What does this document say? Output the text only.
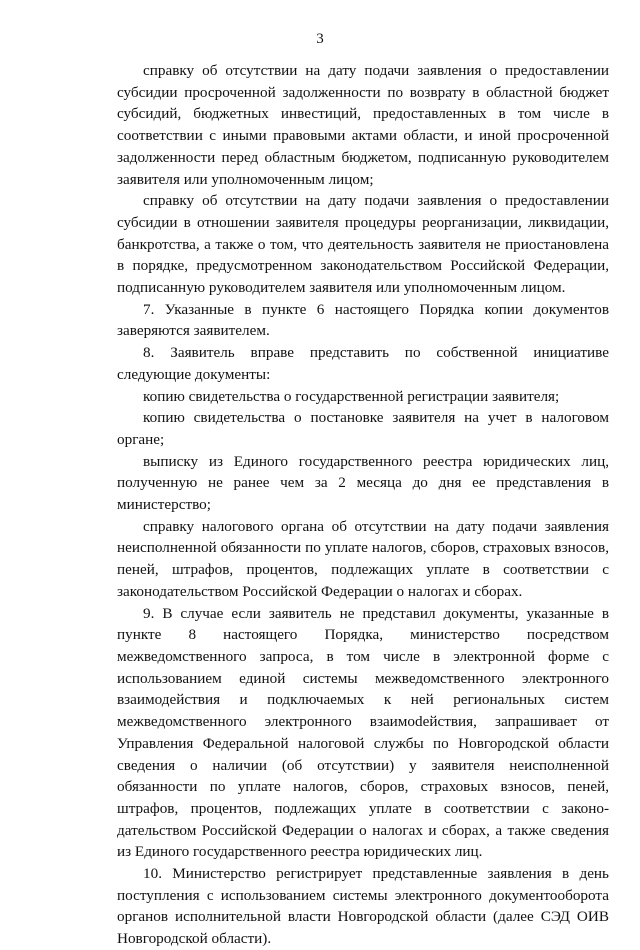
3

справку об отсутствии на дату подачи заявления о предоставлении субсидии просроченной задолженности по возврату в областной бюджет субсидий, бюджетных инвестиций, предоставленных в том числе в соответствии с иными правовыми актами области, и иной просроченной задолженности перед областным бюджетом, подписанную руководителем заявителя или уполномоченным лицом;

справку об отсутствии на дату подачи заявления о предоставлении субсидии в отношении заявителя процедуры реорганизации, ликвидации, банкротства, а также о том, что деятельность заявителя не приостановлена в порядке, предусмотренном законодательством Российской Федерации, подписанную руководителем заявителя или уполномоченным лицом.

7. Указанные в пункте 6 настоящего Порядка копии документов заверяются заявителем.

8. Заявитель вправе представить по собственной инициативе следующие документы:

копию свидетельства о государственной регистрации заявителя;

копию свидетельства о постановке заявителя на учет в налоговом органе;

выписку из Единого государственного реестра юридических лиц, полученную не ранее чем за 2 месяца до дня ее представления в министерство;

справку налогового органа об отсутствии на дату подачи заявления неисполненной обязанности по уплате налогов, сборов, страховых взносов, пеней, штрафов, процентов, подлежащих уплате в соответствии с законодательством Российской Федерации о налогах и сборах.

9. В случае если заявитель не представил документы, указанные в пункте 8 настоящего Порядка, министерство посредством межведомственного запроса, в том числе в электронной форме с использованием единой системы межведомственного электронного взаимодействия и подключаемых к ней региональных систем межведомственного электронного взаимоdействия, запрашивает от Управления Федеральной налоговой службы по Новгородской области сведения о наличии (об отсутствии) у заявителя неисполненной обязанности по уплате налогов, сборов, страховых взносов, пеней, штрафов, процентов, подлежащих уплате в соответствии с законодательством Российской Федерации о налогах и сборах, а также сведения из Единого государственного реестра юридических лиц.

10. Министерство регистрирует представленные заявления в день поступления с использованием системы электронного документооборота органов исполнительной власти Новгородской области (далее СЭД ОИВ Новгородской области).
